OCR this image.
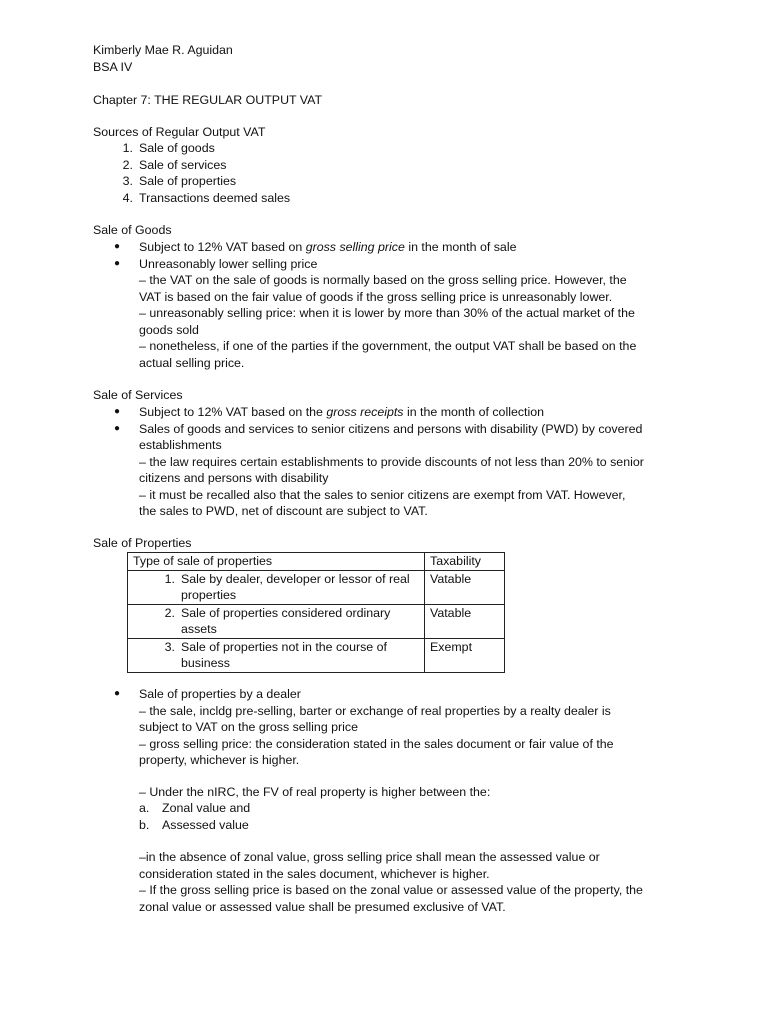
Kimberly Mae R. Aguidan
BSA IV
Chapter 7: THE REGULAR OUTPUT VAT
Sources of Regular Output VAT
1. Sale of goods
2. Sale of services
3. Sale of properties
4. Transactions deemed sales
Sale of Goods
● Subject to 12% VAT based on gross selling price in the month of sale
● Unreasonably lower selling price
– the VAT on the sale of goods is normally based on the gross selling price. However, the
VAT is based on the fair value of goods if the gross selling price is unreasonably lower.
– unreasonably selling price: when it is lower by more than 30% of the actual market of the
goods sold
– nonetheless, if one of the parties if the government, the output VAT shall be based on the
actual selling price.
Sale of Services
● Subject to 12% VAT based on the gross receipts in the month of collection
● Sales of goods and services to senior citizens and persons with disability (PWD) by covered
establishments
– the law requires certain establishments to provide discounts of not less than 20% to senior
citizens and persons with disability
– it must be recalled also that the sales to senior citizens are exempt from VAT. However,
the sales to PWD, net of discount are subject to VAT.
Sale of Properties
Type of sale of properties	Taxability
1. Sale by dealer, developer or lessor of real properties	Vatable
2. Sale of properties considered ordinary assets	Vatable
3. Sale of properties not in the course of business	Exempt
● Sale of properties by a dealer
– the sale, incldg pre-selling, barter or exchange of real properties by a realty dealer is
subject to VAT on the gross selling price
– gross selling price: the consideration stated in the sales document or fair value of the
property, whichever is higher.
– Under the nIRC, the FV of real property is higher between the:
a. Zonal value and
b. Assessed value
–in the absence of zonal value, gross selling price shall mean the assessed value or
consideration stated in the sales document, whichever is higher.
– If the gross selling price is based on the zonal value or assessed value of the property, the
zonal value or assessed value shall be presumed exclusive of VAT.
